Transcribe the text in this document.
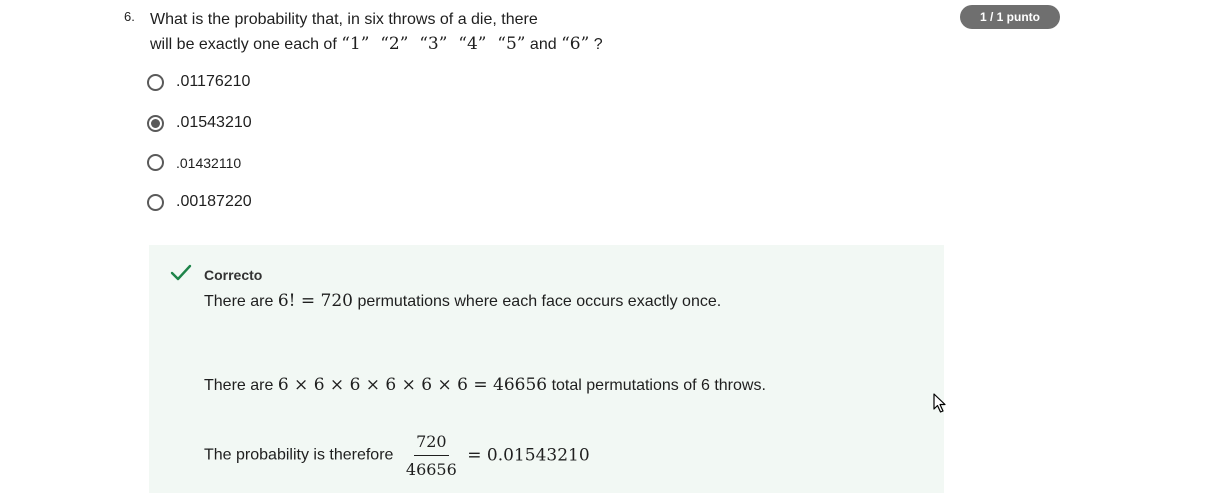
6. What is the probability that, in six throws of a die, there
will be exactly one each of “1”  “2”  “3”  “4”  “5” and “6” ?
1 / 1 punto
.01176210
.01543210
.01432110
.00187220
Correcto
There are 6! = 720 permutations where each face occurs exactly once.
There are 6 × 6 × 6 × 6 × 6 × 6 = 46656 total permutations of 6 throws.
The probability is therefore $\frac{720}{46656} = 0.01543210$
